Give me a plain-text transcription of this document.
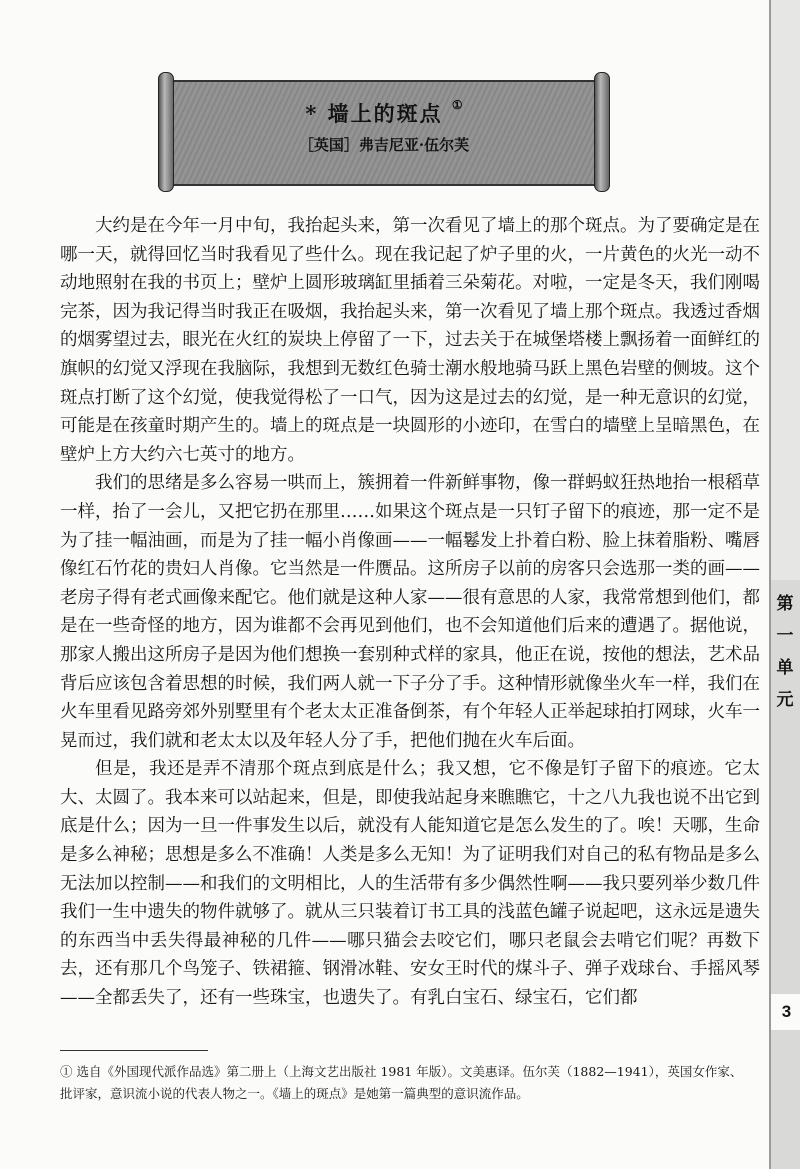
第
一
单
元
3
* 墙上的斑点 ①
［英国］弗吉尼亚·伍尔芙

大约是在今年一月中旬，我抬起头来，第一次看见了墙上的那个斑点。为了要确定是在哪一天，就得回忆当时我看见了些什么。现在我记起了炉子里的火，一片黄色的火光一动不动地照射在我的书页上；壁炉上圆形玻璃缸里插着三朵菊花。对啦，一定是冬天，我们刚喝完茶，因为我记得当时我正在吸烟，我抬起头来，第一次看见了墙上那个斑点。我透过香烟的烟雾望过去，眼光在火红的炭块上停留了一下，过去关于在城堡塔楼上飘扬着一面鲜红的旗帜的幻觉又浮现在我脑际，我想到无数红色骑士潮水般地骑马跃上黑色岩壁的侧坡。这个斑点打断了这个幻觉，使我觉得松了一口气，因为这是过去的幻觉，是一种无意识的幻觉，可能是在孩童时期产生的。墙上的斑点是一块圆形的小迹印，在雪白的墙壁上呈暗黑色，在壁炉上方大约六七英寸的地方。

我们的思绪是多么容易一哄而上，簇拥着一件新鲜事物，像一群蚂蚁狂热地抬一根稻草一样，抬了一会儿，又把它扔在那里……如果这个斑点是一只钉子留下的痕迹，那一定不是为了挂一幅油画，而是为了挂一幅小肖像画——一幅鬈发上扑着白粉、脸上抹着脂粉、嘴唇像红石竹花的贵妇人肖像。它当然是一件赝品。这所房子以前的房客只会选那一类的画——老房子得有老式画像来配它。他们就是这种人家——很有意思的人家，我常常想到他们，都是在一些奇怪的地方，因为谁都不会再见到他们，也不会知道他们后来的遭遇了。据他说，那家人搬出这所房子是因为他们想换一套别种式样的家具，他正在说，按他的想法，艺术品背后应该包含着思想的时候，我们两人就一下子分了手。这种情形就像坐火车一样，我们在火车里看见路旁郊外别墅里有个老太太正准备倒茶，有个年轻人正举起球拍打网球，火车一晃而过，我们就和老太太以及年轻人分了手，把他们抛在火车后面。

但是，我还是弄不清那个斑点到底是什么；我又想，它不像是钉子留下的痕迹。它太大、太圆了。我本来可以站起来，但是，即使我站起身来瞧瞧它，十之八九我也说不出它到底是什么；因为一旦一件事发生以后，就没有人能知道它是怎么发生的了。唉！天哪，生命是多么神秘；思想是多么不准确！人类是多么无知！为了证明我们对自己的私有物品是多么无法加以控制——和我们的文明相比，人的生活带有多少偶然性啊——我只要列举少数几件我们一生中遗失的物件就够了。就从三只装着订书工具的浅蓝色罐子说起吧，这永远是遗失的东西当中丢失得最神秘的几件——哪只猫会去咬它们，哪只老鼠会去啃它们呢？再数下去，还有那几个鸟笼子、铁裙箍、钢滑冰鞋、安女王时代的煤斗子、弹子戏球台、手摇风琴——全都丢失了，还有一些珠宝，也遗失了。有乳白宝石、绿宝石，它们都

① 选自《外国现代派作品选》第二册上（上海文艺出版社 1981 年版）。文美惠译。伍尔芙（1882—1941），英国女作家、批评家，意识流小说的代表人物之一。《墙上的斑点》是她第一篇典型的意识流作品。
